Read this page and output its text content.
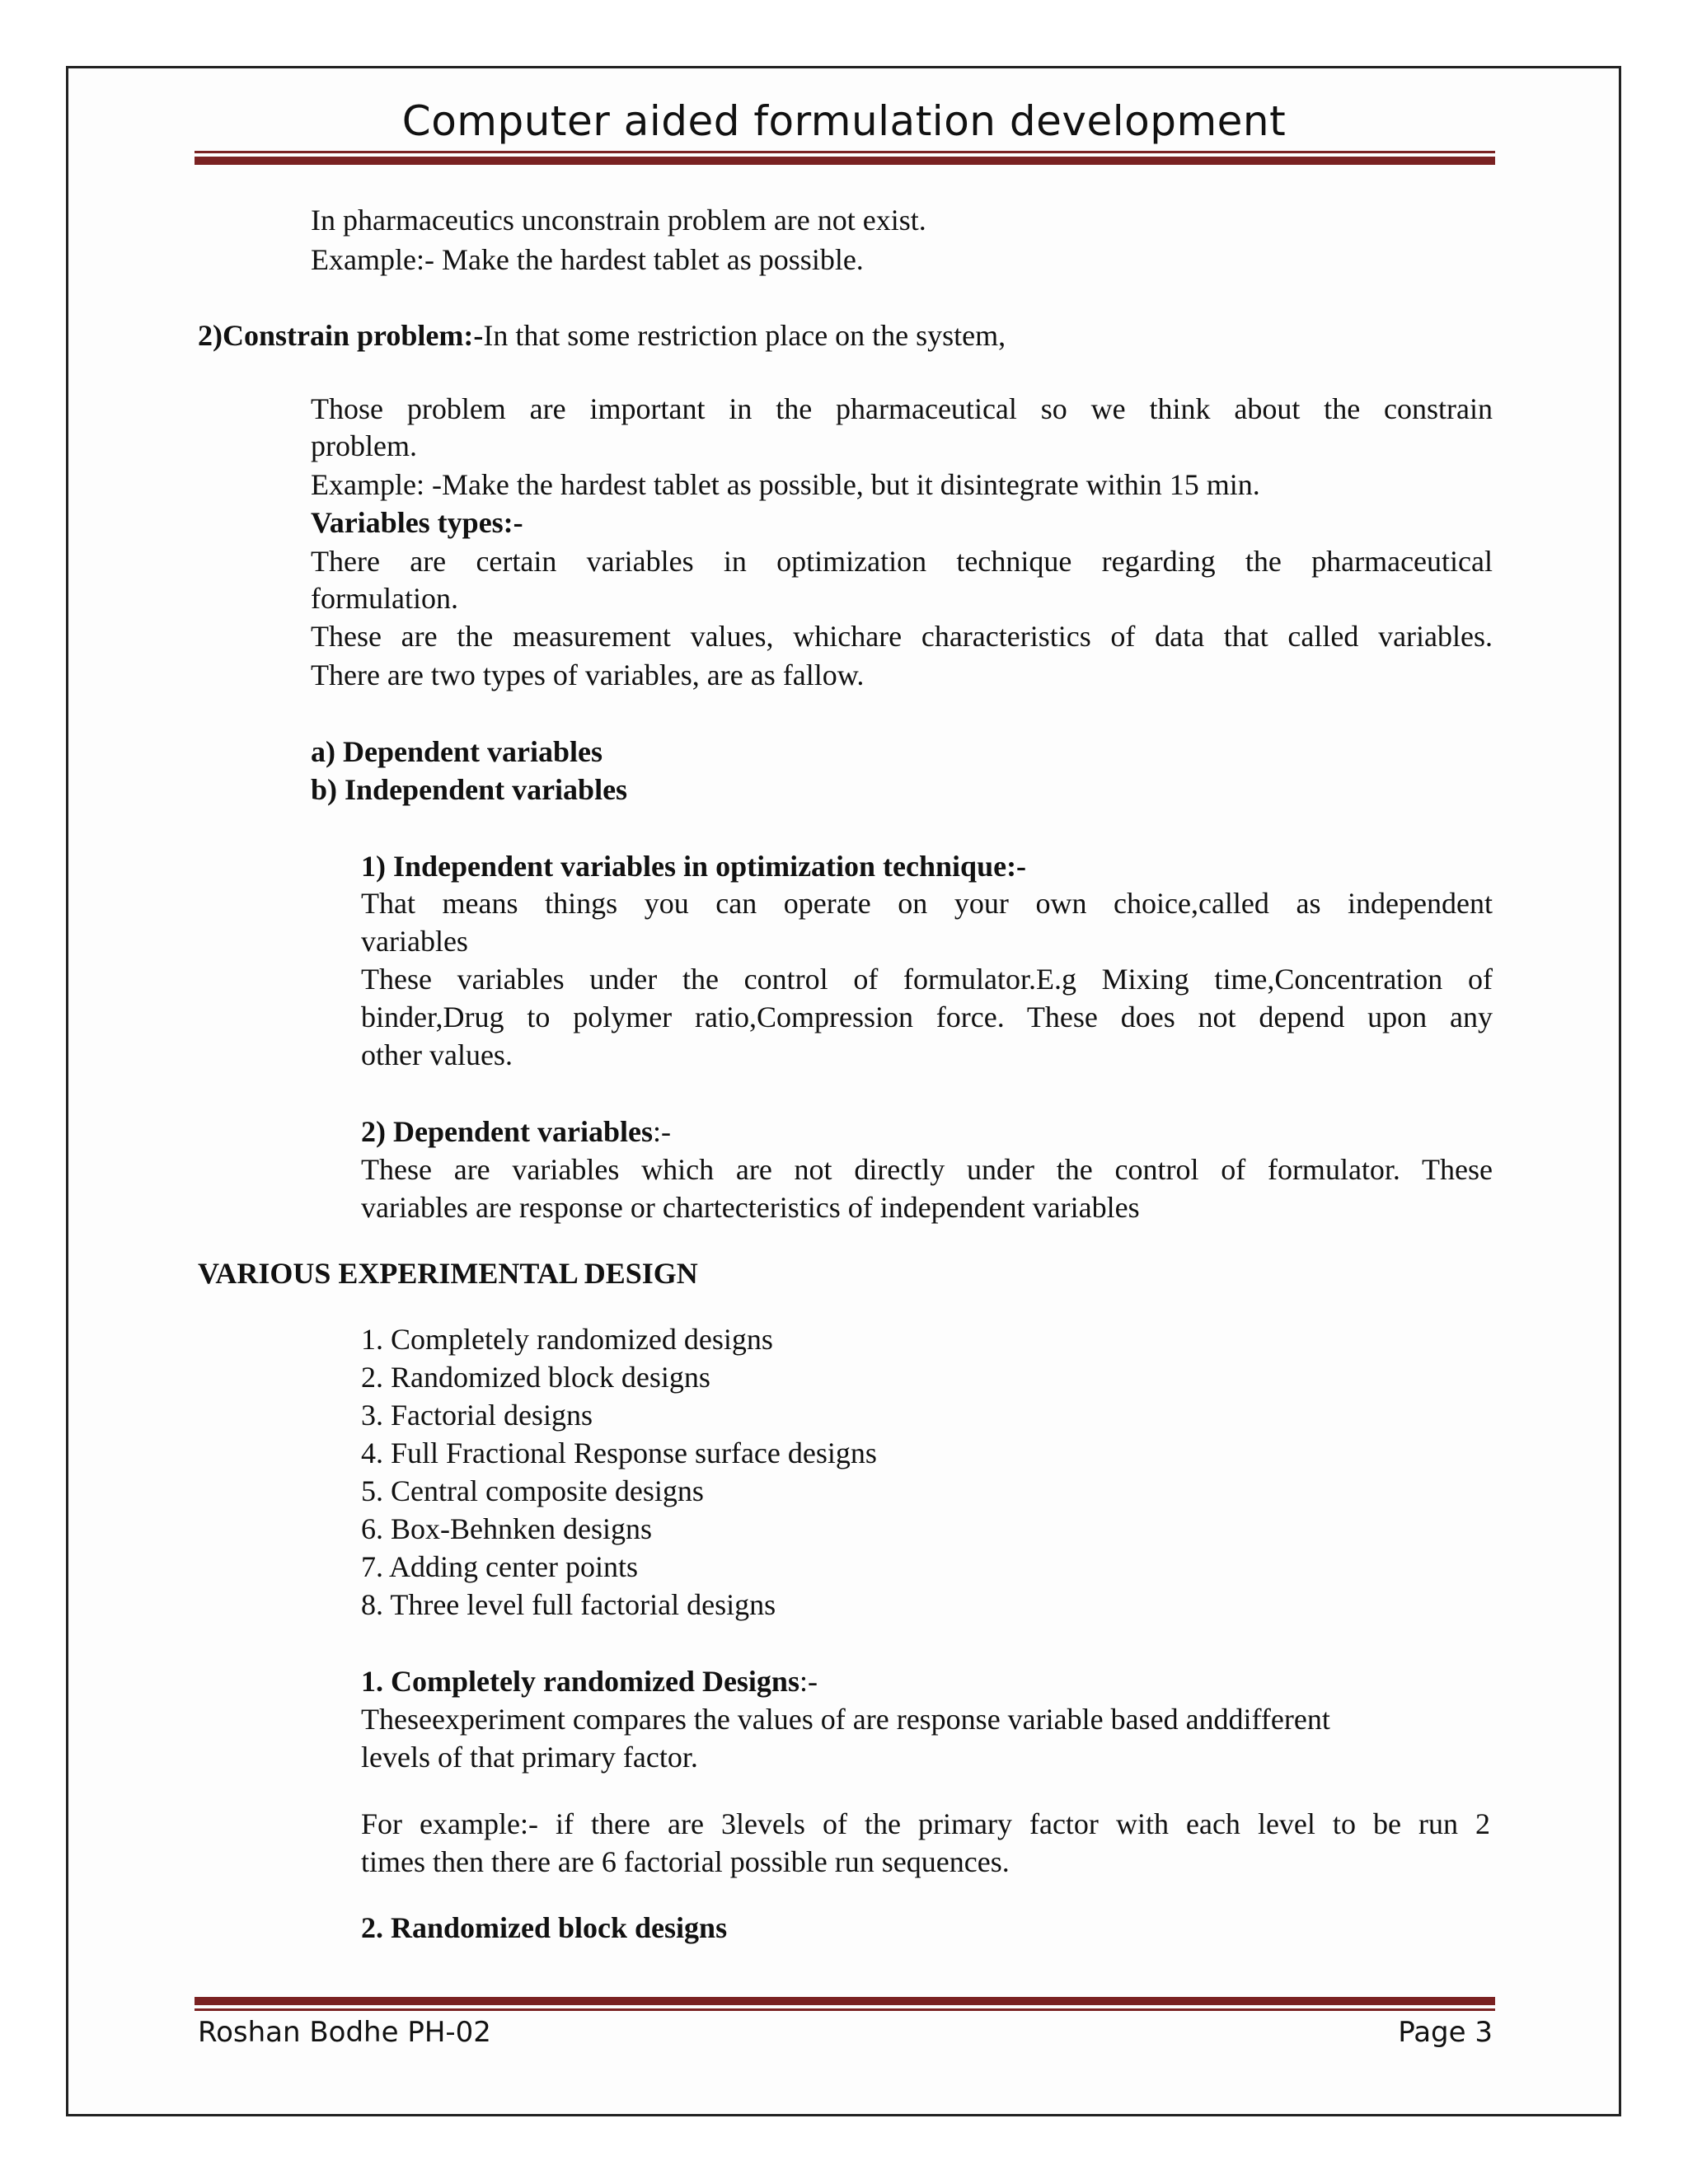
Computer aided formulation development
In pharmaceutics unconstrain problem are not exist.
Example:- Make the hardest tablet as possible.
2)Constrain problem:-In that some restriction place on the system,
Those problem are important in the pharmaceutical so we think about the constrain
problem.
Example: -Make the hardest tablet as possible, but it disintegrate within 15 min.
Variables types:-
There are certain variables in optimization technique regarding the pharmaceutical
formulation.
These are the measurement values, whichare characteristics of data that called variables.
There are two types of variables, are as fallow.
a) Dependent variables
b) Independent variables
1) Independent variables in optimization technique:-
That means things you can operate on your own choice,called as independent
variables
These variables under the control of formulator.E.g Mixing time,Concentration of
binder,Drug to polymer ratio,Compression force. These does not depend upon any
other values.
2) Dependent variables:-
These are variables which are not directly under the control of formulator. These
variables are response or chartecteristics of independent variables
VARIOUS EXPERIMENTAL DESIGN
1. Completely randomized designs
2. Randomized block designs
3. Factorial designs
4. Full Fractional Response surface designs
5. Central composite designs
6. Box-Behnken designs
7. Adding center points
8. Three level full factorial designs
1. Completely randomized Designs:-
Theseexperiment compares the values of are response variable based anddifferent
levels of that primary factor.
For example:- if there are 3levels of the primary factor with each level to be run 2
times then there are 6 factorial possible run sequences.
2. Randomized block designs
Roshan Bodhe PH-02	Page 3
